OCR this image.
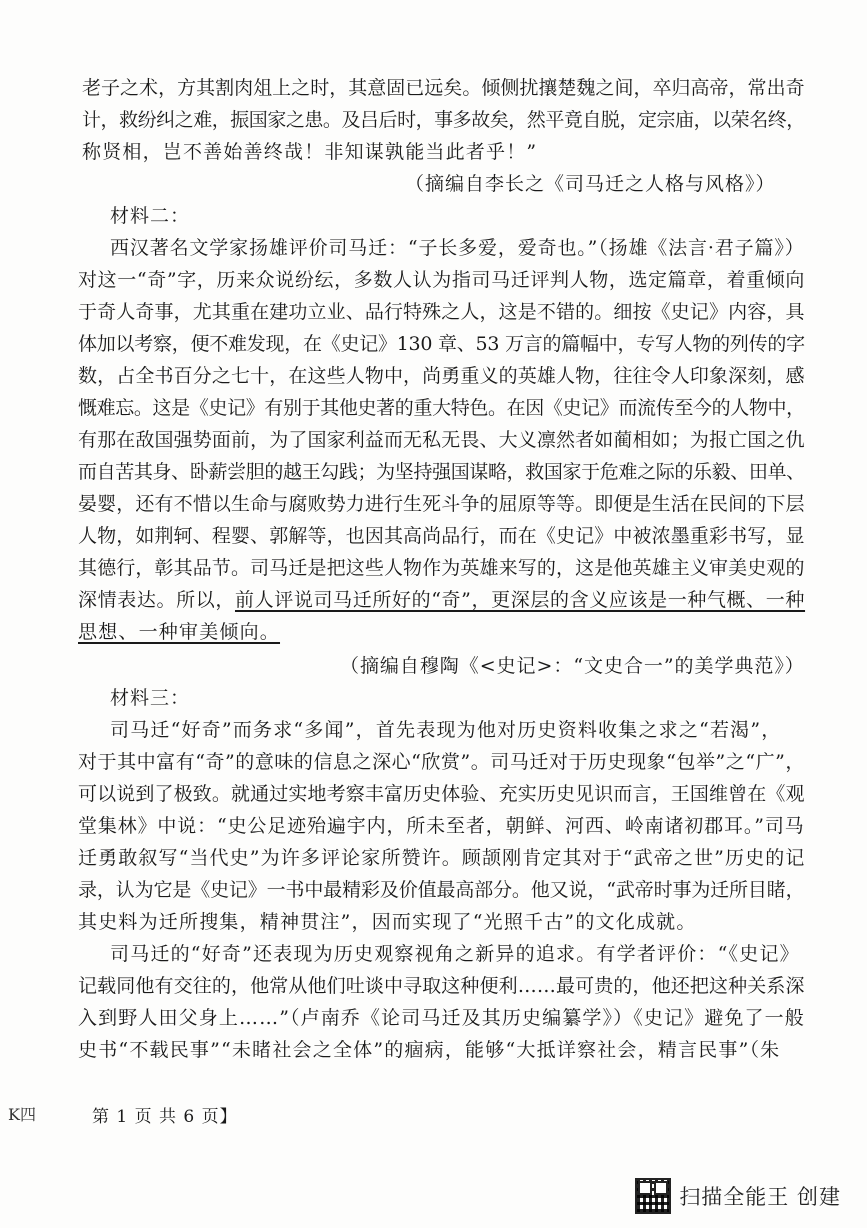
老子之术，方其割肉俎上之时，其意固已远矣。倾侧扰攘楚魏之间，卒归高帝，常出奇
计，救纷纠之难，振国家之患。及吕后时，事多故矣，然平竟自脱，定宗庙，以荣名终，
称贤相，岂不善始善终哉！非知谋孰能当此者乎！”
（摘编自李长之《司马迁之人格与风格》）
材料二：
西汉著名文学家扬雄评价司马迁：“子长多爱，爱奇也。”（扬雄《法言·君子篇》）
对这一“奇”字，历来众说纷纭，多数人认为指司马迁评判人物，选定篇章，着重倾向
于奇人奇事，尤其重在建功立业、品行特殊之人，这是不错的。细按《史记》内容，具
体加以考察，便不难发现，在《史记》130 章、53 万言的篇幅中，专写人物的列传的字
数，占全书百分之七十，在这些人物中，尚勇重义的英雄人物，往往令人印象深刻，感
慨难忘。这是《史记》有别于其他史著的重大特色。在因《史记》而流传至今的人物中，
有那在敌国强势面前，为了国家利益而无私无畏、大义凛然者如蔺相如；为报亡国之仇
而自苦其身、卧薪尝胆的越王勾践；为坚持强国谋略，救国家于危难之际的乐毅、田单、
晏婴，还有不惜以生命与腐败势力进行生死斗争的屈原等等。即便是生活在民间的下层
人物，如荆轲、程婴、郭解等，也因其高尚品行，而在《史记》中被浓墨重彩书写，显
其德行，彰其品节。司马迁是把这些人物作为英雄来写的，这是他英雄主义审美史观的
深情表达。所以，前人评说司马迁所好的“奇”，更深层的含义应该是一种气概、一种
思想、一种审美倾向。
（摘编自穆陶《<史记>：“文史合一”的美学典范》）
材料三：
司马迁“好奇”而务求“多闻”，首先表现为他对历史资料收集之求之“若渴”，
对于其中富有“奇”的意味的信息之深心“欣赏”。司马迁对于历史现象“包举”之“广”，
可以说到了极致。就通过实地考察丰富历史体验、充实历史见识而言，王国维曾在《观
堂集林》中说：“史公足迹殆遍宇内，所未至者，朝鲜、河西、岭南诸初郡耳。”司马
迁勇敢叙写“当代史”为许多评论家所赞许。顾颉刚肯定其对于“武帝之世”历史的记
录，认为它是《史记》一书中最精彩及价值最高部分。他又说，“武帝时事为迁所目睹，
其史料为迁所搜集，精神贯注”，因而实现了“光照千古”的文化成就。
司马迁的“好奇”还表现为历史观察视角之新异的追求。有学者评价：“《史记》
记载同他有交往的，他常从他们吐谈中寻取这种便利……最可贵的，他还把这种关系深
入到野人田父身上……”（卢南乔《论司马迁及其历史编纂学》）《史记》避免了一般
史书“不载民事”“未睹社会之全体”的痼病，能够“大抵详察社会，精言民事”（朱
K四	第 1 页 共 6 页】
扫描全能王 创建
